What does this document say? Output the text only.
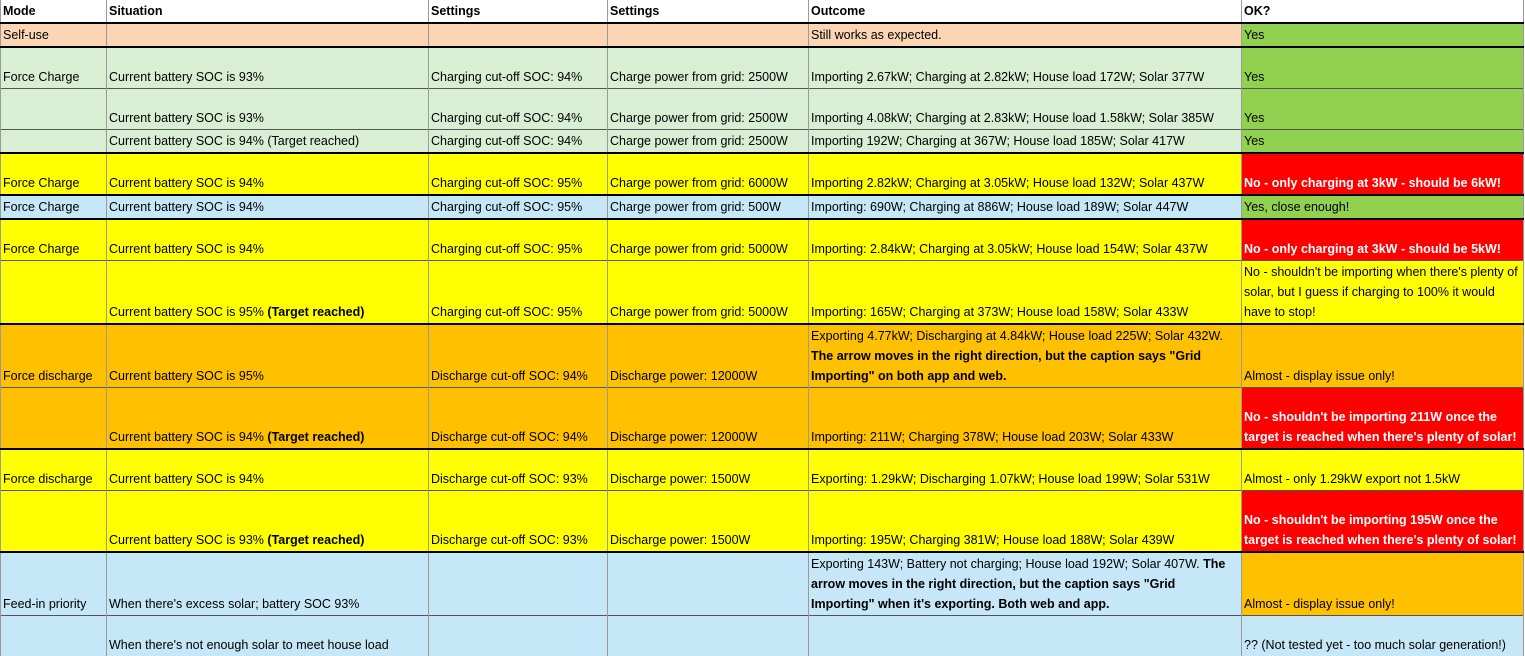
Mode	Situation	Settings	Settings	Outcome	OK?
Self-use				Still works as expected.	Yes
Force Charge	Current battery SOC is 93%	Charging cut-off SOC: 94%	Charge power from grid: 2500W	Importing 2.67kW; Charging at 2.82kW; House load 172W; Solar 377W	Yes
	Current battery SOC is 93%	Charging cut-off SOC: 94%	Charge power from grid: 2500W	Importing 4.08kW; Charging at 2.83kW; House load 1.58kW; Solar 385W	Yes
	Current battery SOC is 94% (Target reached)	Charging cut-off SOC: 94%	Charge power from grid: 2500W	Importing 192W; Charging at 367W; House load 185W; Solar 417W	Yes
Force Charge	Current battery SOC is 94%	Charging cut-off SOC: 95%	Charge power from grid: 6000W	Importing 2.82kW; Charging at 3.05kW; House load 132W; Solar 437W	No - only charging at 3kW - should be 6kW!
Force Charge	Current battery SOC is 94%	Charging cut-off SOC: 95%	Charge power from grid: 500W	Importing: 690W; Charging at 886W; House load 189W; Solar 447W	Yes, close enough!
Force Charge	Current battery SOC is 94%	Charging cut-off SOC: 95%	Charge power from grid: 5000W	Importing: 2.84kW; Charging at 3.05kW; House load 154W; Solar 437W	No - only charging at 3kW - should be 5kW!
	Current battery SOC is 95% (Target reached)	Charging cut-off SOC: 95%	Charge power from grid: 5000W	Importing: 165W; Charging at 373W; House load 158W; Solar 433W	No - shouldn't be importing when there's plenty of solar, but I guess if charging to 100% it would have to stop!
Force discharge	Current battery SOC is 95%	Discharge cut-off SOC: 94%	Discharge power: 12000W	Exporting 4.77kW; Discharging at 4.84kW; House load 225W; Solar 432W. The arrow moves in the right direction, but the caption says "Grid Importing" on both app and web.	Almost - display issue only!
	Current battery SOC is 94% (Target reached)	Discharge cut-off SOC: 94%	Discharge power: 12000W	Importing: 211W; Charging 378W; House load 203W; Solar 433W	No - shouldn't be importing 211W once the target is reached when there's plenty of solar!
Force discharge	Current battery SOC is 94%	Discharge cut-off SOC: 93%	Discharge power: 1500W	Exporting: 1.29kW; Discharging 1.07kW; House load 199W; Solar 531W	Almost - only 1.29kW export not 1.5kW
	Current battery SOC is 93% (Target reached)	Discharge cut-off SOC: 93%	Discharge power: 1500W	Importing: 195W; Charging 381W; House load 188W; Solar 439W	No - shouldn't be importing 195W once the target is reached when there's plenty of solar!
Feed-in priority	When there's excess solar; battery SOC 93%			Exporting 143W; Battery not charging; House load 192W; Solar 407W. The arrow moves in the right direction, but the caption says "Grid Importing" when it's exporting. Both web and app.	Almost - display issue only!
	When there's not enough solar to meet house load				?? (Not tested yet - too much solar generation!)
